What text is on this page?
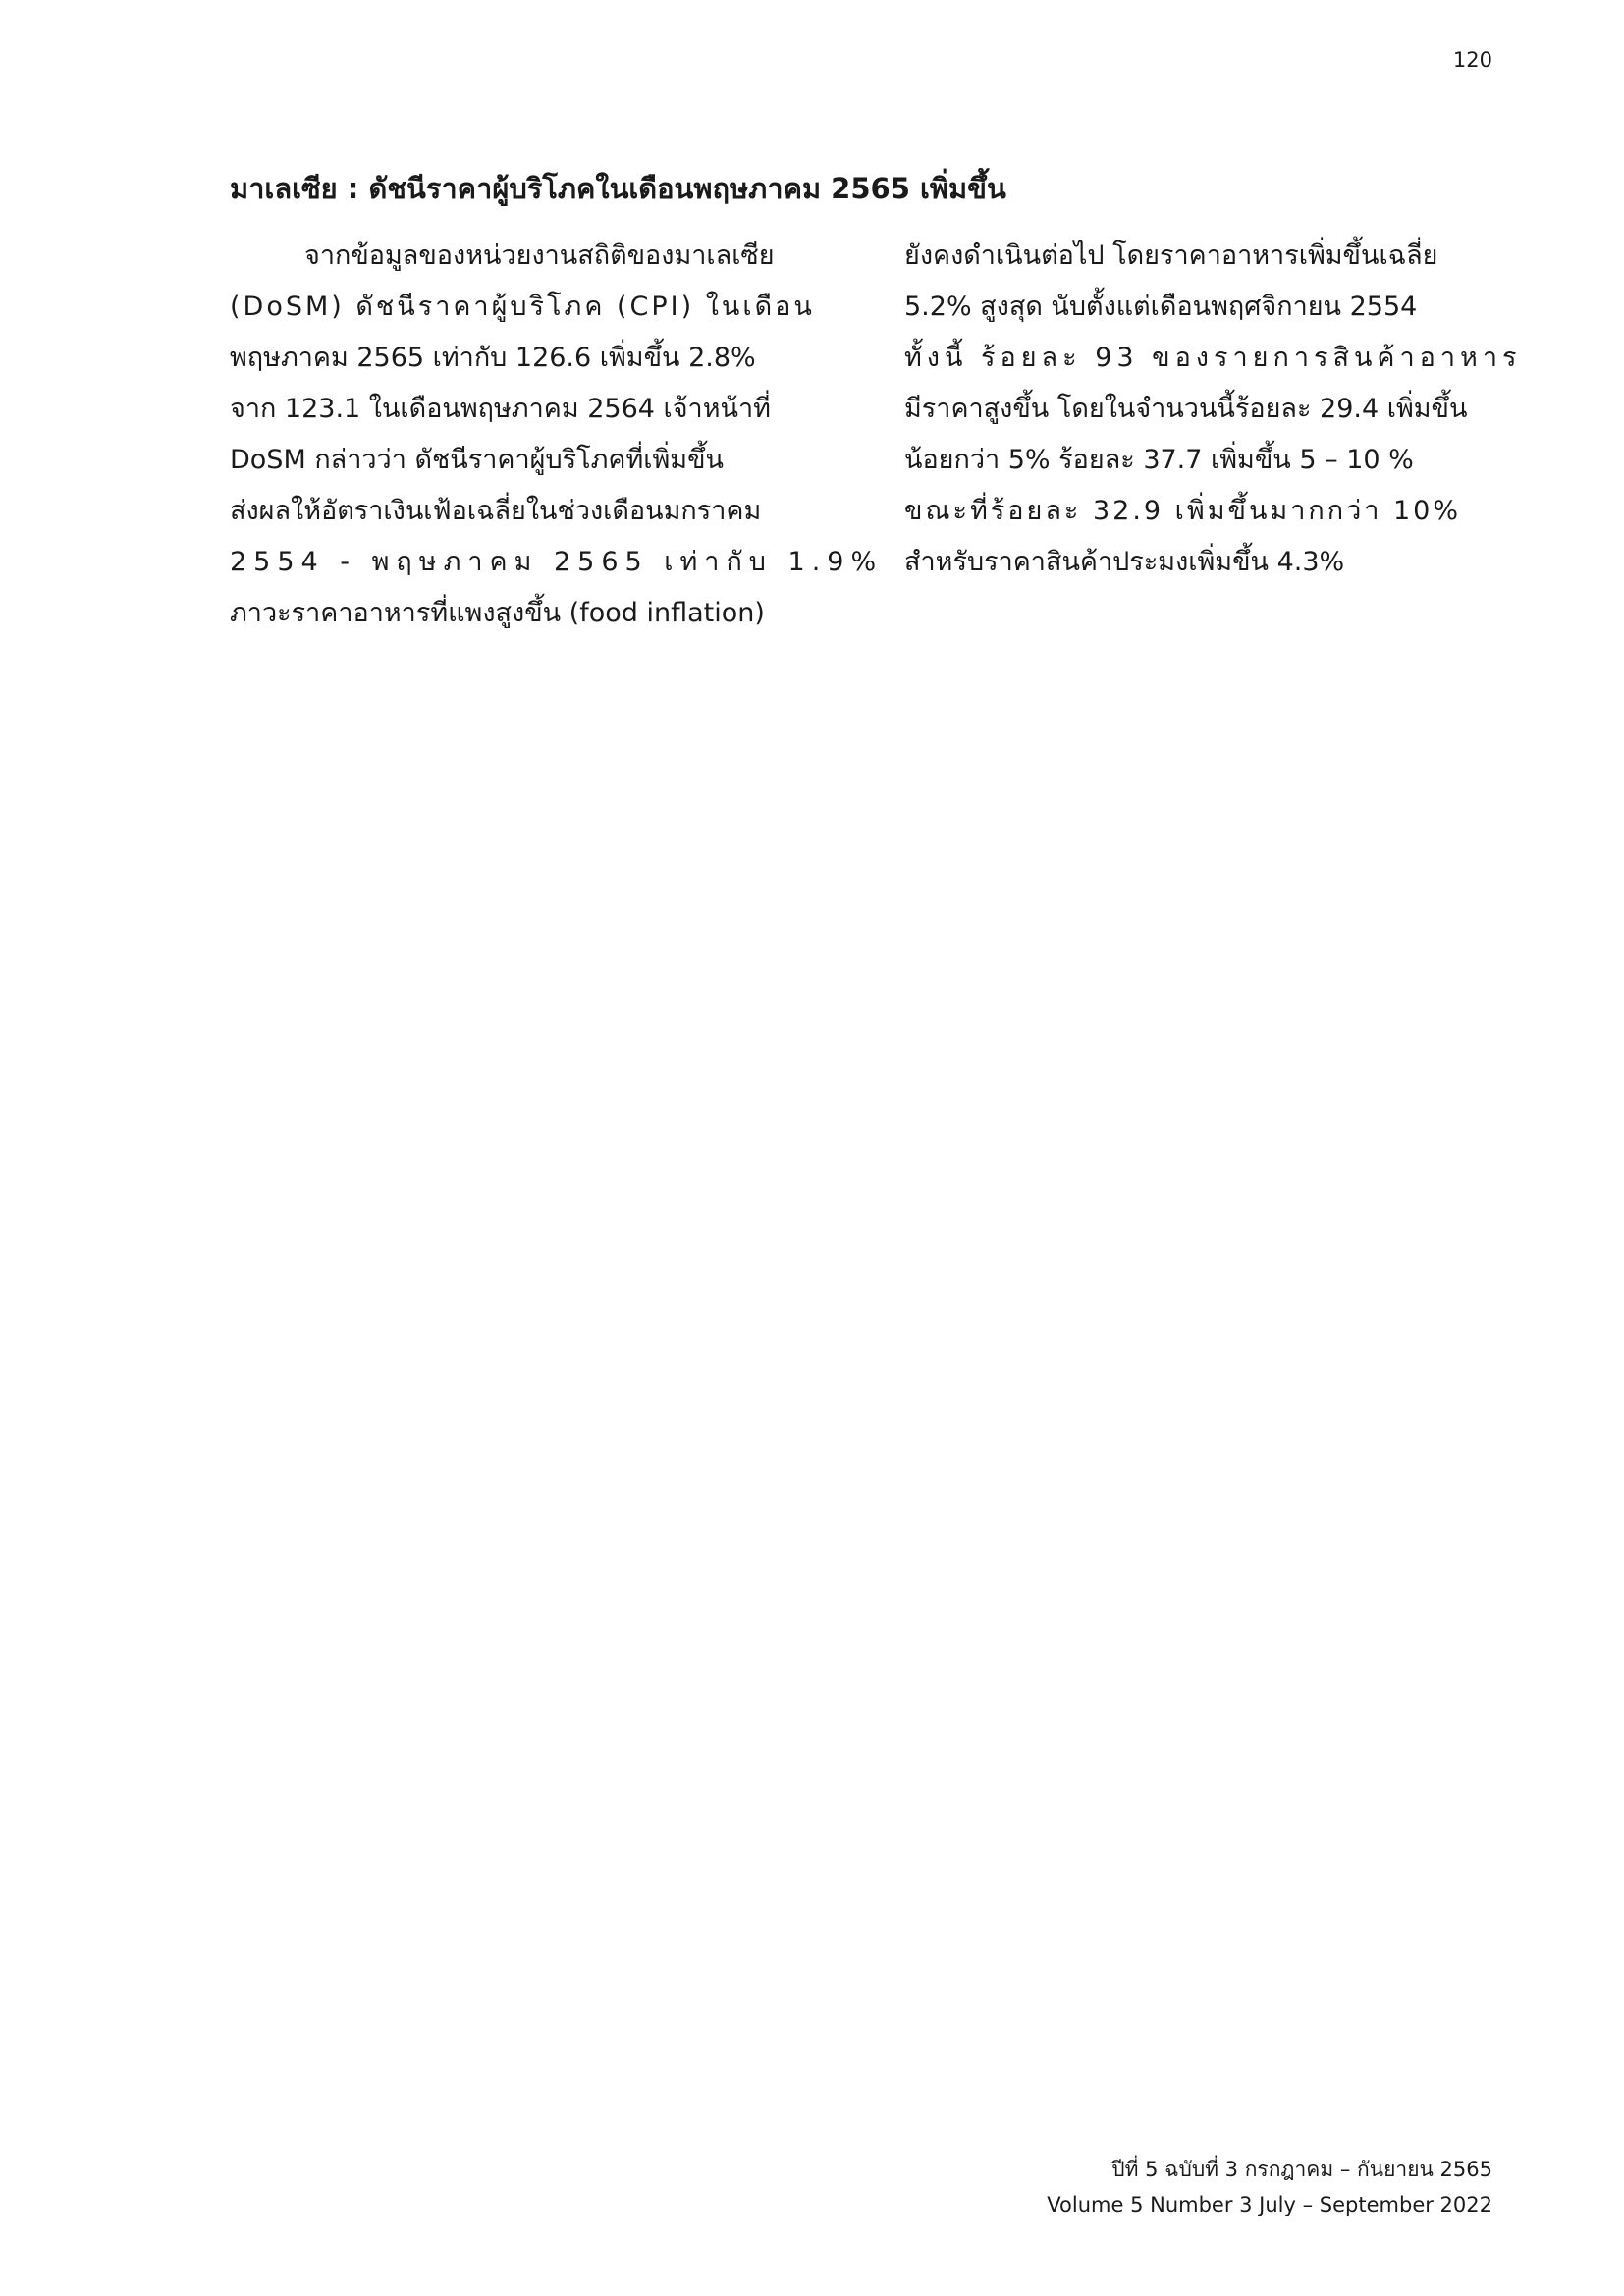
120
มาเลเซีย : ดัชนีราคาผู้บริโภคในเดือนพฤษภาคม 2565 เพิ่มขึ้น
จากข้อมูลของหน่วยงานสถิติของมาเลเซีย
(DoSM) ดัชนีราคาผู้บริโภค (CPI) ในเดือน
พฤษภาคม 2565 เท่ากับ 126.6 เพิ่มขึ้น 2.8%
จาก 123.1 ในเดือนพฤษภาคม 2564 เจ้าหน้าที่
DoSM กล่าวว่า ดัชนีราคาผู้บริโภคที่เพิ่มขึ้น
ส่งผลให้อัตราเงินเฟ้อเฉลี่ยในช่วงเดือนมกราคม
2554 - พฤษภาคม 2565 เท่ากับ 1.9%
ภาวะราคาอาหารที่แพงสูงขึ้น (food inflation)
ยังคงดำเนินต่อไป โดยราคาอาหารเพิ่มขึ้นเฉลี่ย
5.2% สูงสุด นับตั้งแต่เดือนพฤศจิกายน 2554
ทั้งนี้ ร้อยละ 93 ของรายการสินค้าอาหาร
มีราคาสูงขึ้น โดยในจำนวนนี้ร้อยละ 29.4 เพิ่มขึ้น
น้อยกว่า 5% ร้อยละ 37.7 เพิ่มขึ้น 5 – 10 %
ขณะที่ร้อยละ 32.9 เพิ่มขึ้นมากกว่า 10%
สำหรับราคาสินค้าประมงเพิ่มขึ้น 4.3%
ปีที่ 5 ฉบับที่ 3 กรกฎาคม – กันยายน 2565
Volume 5 Number 3 July – September 2022
